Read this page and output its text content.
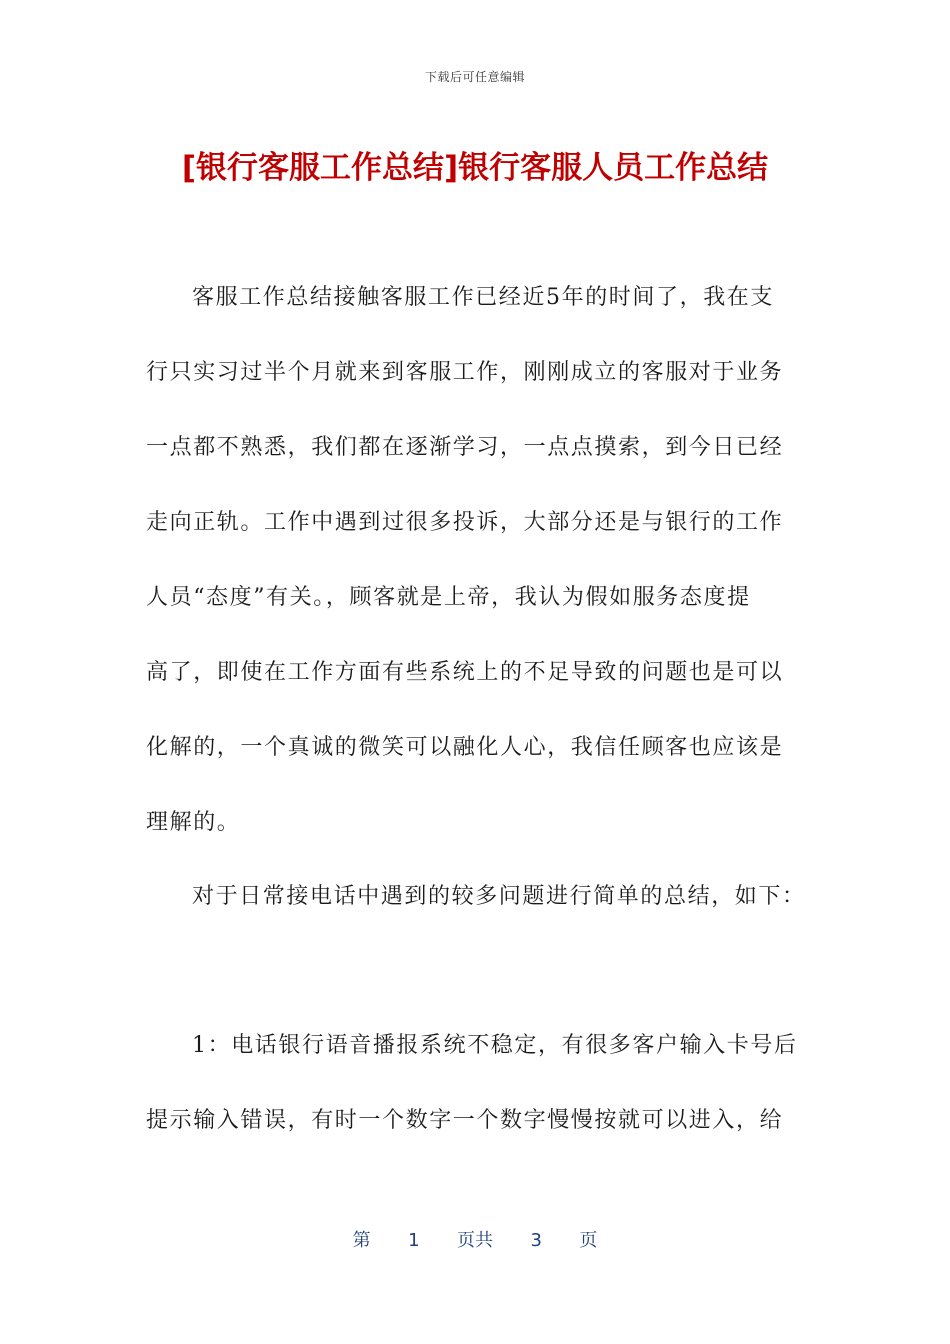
下载后可任意编辑
[银行客服工作总结]银行客服人员工作总结
客服工作总结接触客服工作已经近5年的时间了，我在支
行只实习过半个月就来到客服工作，刚刚成立的客服对于业务
一点都不熟悉，我们都在逐渐学习，一点点摸索，到今日已经
走向正轨。工作中遇到过很多投诉，大部分还是与银行的工作
人员“态度”有关。，顾客就是上帝，我认为假如服务态度提
高了，即使在工作方面有些系统上的不足导致的问题也是可以
化解的，一个真诚的微笑可以融化人心，我信任顾客也应该是
理解的。
对于日常接电话中遇到的较多问题进行简单的总结，如下：
1：电话银行语音播报系统不稳定，有很多客户输入卡号后
提示输入错误，有时一个数字一个数字慢慢按就可以进入，给
第 1 页共 3 页
